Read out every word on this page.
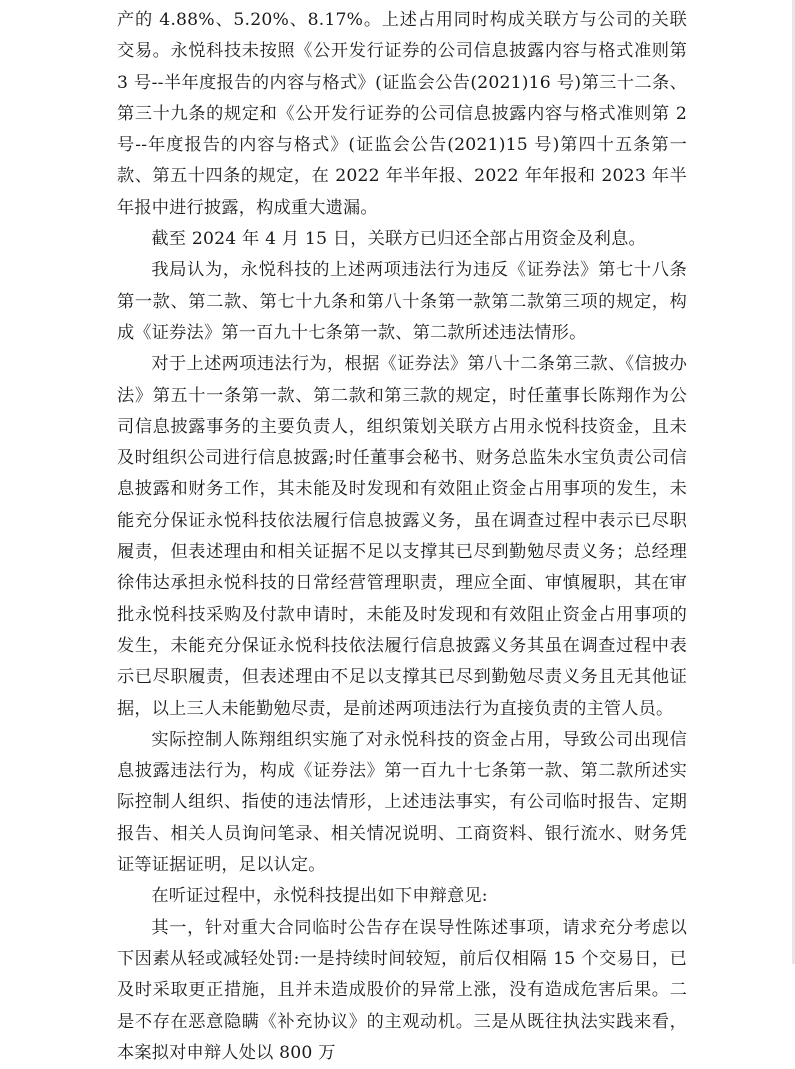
产的 4.88%、5.20%、8.17%。上述占用同时构成关联方与公司的关联交易。永悦科技未按照《公开发行证券的公司信息披露内容与格式准则第 3 号--半年度报告的内容与格式》(证监会公告(2021)16 号)第三十二条、第三十九条的规定和《公开发行证券的公司信息披露内容与格式准则第 2 号--年度报告的内容与格式》(证监会公告(2021)15 号)第四十五条第一款、第五十四条的规定，在 2022 年半年报、2022 年年报和 2023 年半年报中进行披露，构成重大遗漏。

截至 2024 年 4 月 15 日，关联方已归还全部占用资金及利息。

我局认为，永悦科技的上述两项违法行为违反《证券法》第七十八条第一款、第二款、第七十九条和第八十条第一款第二款第三项的规定，构成《证券法》第一百九十七条第一款、第二款所述违法情形。

对于上述两项违法行为，根据《证券法》第八十二条第三款、《信披办法》第五十一条第一款、第二款和第三款的规定，时任董事长陈翔作为公司信息披露事务的主要负责人，组织策划关联方占用永悦科技资金，且未及时组织公司进行信息披露;时任董事会秘书、财务总监朱水宝负责公司信息披露和财务工作，其未能及时发现和有效阻止资金占用事项的发生，未能充分保证永悦科技依法履行信息披露义务，虽在调查过程中表示已尽职履责，但表述理由和相关证据不足以支撑其已尽到勤勉尽责义务；总经理徐伟达承担永悦科技的日常经营管理职责，理应全面、审慎履职，其在审批永悦科技采购及付款申请时，未能及时发现和有效阻止资金占用事项的发生，未能充分保证永悦科技依法履行信息披露义务其虽在调查过程中表示已尽职履责，但表述理由不足以支撑其已尽到勤勉尽责义务且无其他证据，以上三人未能勤勉尽责，是前述两项违法行为直接负责的主管人员。

实际控制人陈翔组织实施了对永悦科技的资金占用，导致公司出现信息披露违法行为，构成《证券法》第一百九十七条第一款、第二款所述实际控制人组织、指使的违法情形，上述违法事实，有公司临时报告、定期报告、相关人员询问笔录、相关情况说明、工商资料、银行流水、财务凭证等证据证明，足以认定。

在听证过程中，永悦科技提出如下申辩意见:

其一，针对重大合同临时公告存在误导性陈述事项，请求充分考虑以下因素从轻或减轻处罚:一是持续时间较短，前后仅相隔 15 个交易日，已及时采取更正措施，且并未造成股价的异常上涨，没有造成危害后果。二是不存在恶意隐瞒《补充协议》的主观动机。三是从既往执法实践来看，本案拟对申辩人处以 800 万
